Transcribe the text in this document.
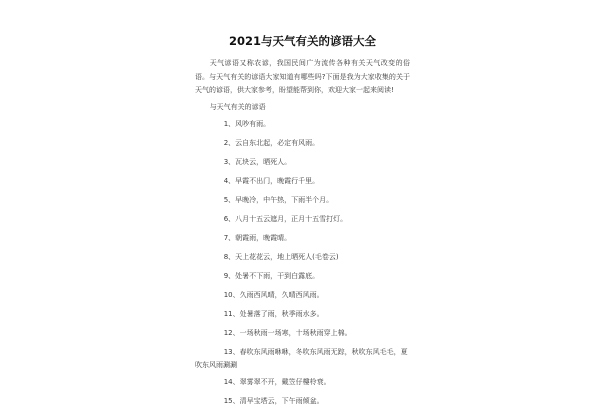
2021与天气有关的谚语大全

天气谚语又称农谚，我国民间广为流传各种有关天气改变的俗语。与天气有关的谚语大家知道有哪些吗?下面是我为大家收集的关于天气的谚语，供大家参考，盼望能帮到你，欢迎大家一起来阅读!

与天气有关的谚语
1、风吵有雨。
2、云自东北起，必定有风雨。
3、瓦块云，晒死人。
4、早霞不出门，晚霞行千里。
5、早晚冷，中午热，下雨半个月。
6、八月十五云遮月，正月十五雪打灯。
7、朝霞雨，晚霞晴。
8、天上花花云，地上晒死人(毛卷云)
9、处暑不下雨，干到白露底。
10、久雨西风晴，久晴西风雨。
11、处暑落了雨，秋季雨水多。
12、一场秋雨一场寒，十场秋雨穿上棉。
13、春吹东风雨咻咻，冬吹东风雨无踪，秋吹东风毛毛，夏吹东风雨涮涮
14、翠雾翠不开，戴笠仔樓柃衰。
15、清早宝塔云，下午雨倾盆。
